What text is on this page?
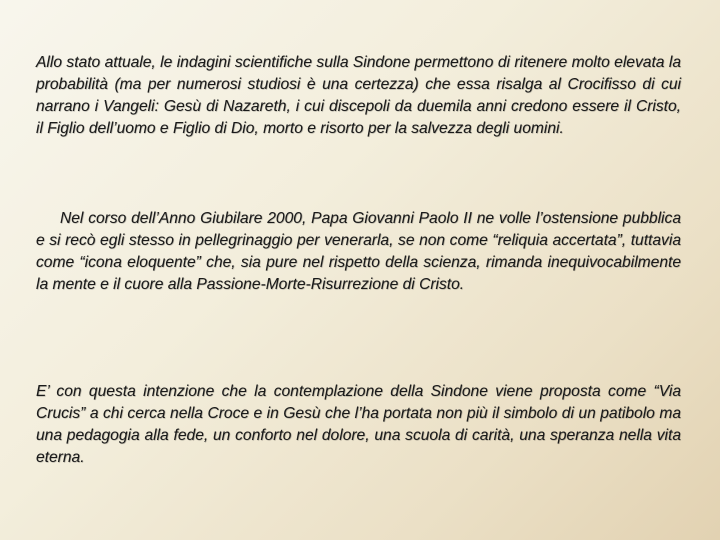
Allo stato attuale, le indagini scientifiche sulla Sindone permettono di ritenere molto elevata la probabilità (ma per numerosi studiosi è una certezza) che essa risalga al Crocifisso di cui narrano i Vangeli: Gesù di Nazareth, i cui discepoli da duemila anni credono essere il Cristo, il Figlio dell’uomo e Figlio di Dio, morto e risorto per la salvezza degli uomini.

Nel corso dell’Anno Giubilare 2000, Papa Giovanni Paolo II ne volle l’ostensione pubblica e si recò egli stesso in pellegrinaggio per venerarla, se non come “reliquia accertata”, tuttavia come “icona eloquente” che, sia pure nel rispetto della scienza, rimanda inequivocabilmente la mente e il cuore alla Passione-Morte-Risurrezione di Cristo.

E’ con questa intenzione che la contemplazione della Sindone viene proposta come “Via Crucis” a chi cerca nella Croce e in Gesù che l’ha portata non più il simbolo di un patibolo ma una pedagogia alla fede, un conforto nel dolore, una scuola di carità, una speranza nella vita eterna.
